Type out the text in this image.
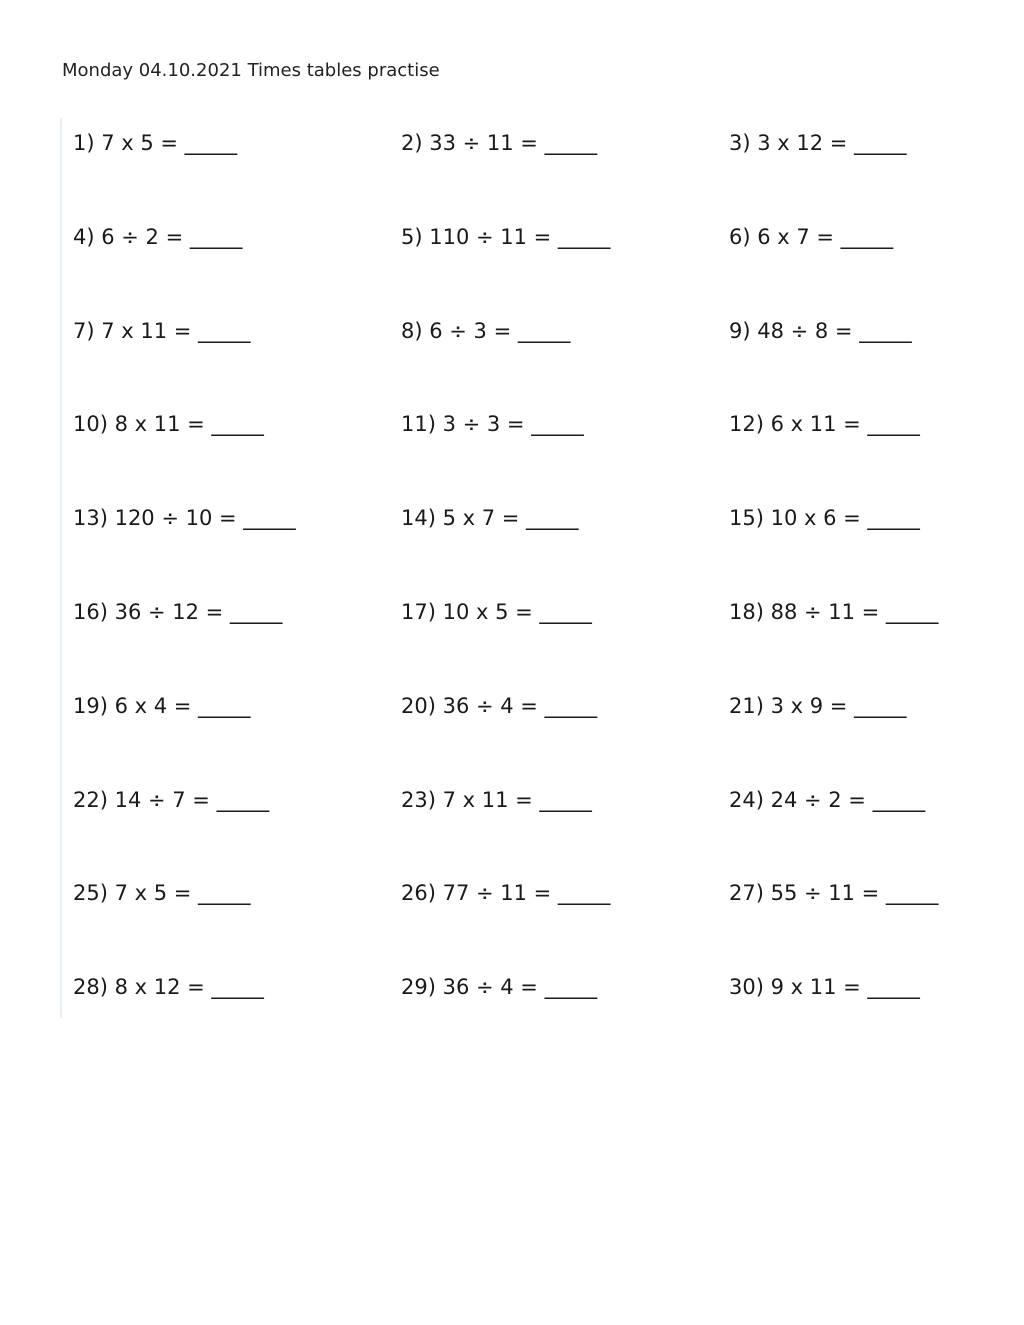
Monday 04.10.2021 Times tables practise
1) 7 x 5 = _____	2) 33 ÷ 11 = _____	3) 3 x 12 = _____
4) 6 ÷ 2 = _____	5) 110 ÷ 11 = _____	6) 6 x 7 = _____
7) 7 x 11 = _____	8) 6 ÷ 3 = _____	9) 48 ÷ 8 = _____
10) 8 x 11 = _____	11) 3 ÷ 3 = _____	12) 6 x 11 = _____
13) 120 ÷ 10 = _____	14) 5 x 7 = _____	15) 10 x 6 = _____
16) 36 ÷ 12 = _____	17) 10 x 5 = _____	18) 88 ÷ 11 = _____
19) 6 x 4 = _____	20) 36 ÷ 4 = _____	21) 3 x 9 = _____
22) 14 ÷ 7 = _____	23) 7 x 11 = _____	24) 24 ÷ 2 = _____
25) 7 x 5 = _____	26) 77 ÷ 11 = _____	27) 55 ÷ 11 = _____
28) 8 x 12 = _____	29) 36 ÷ 4 = _____	30) 9 x 11 = _____
